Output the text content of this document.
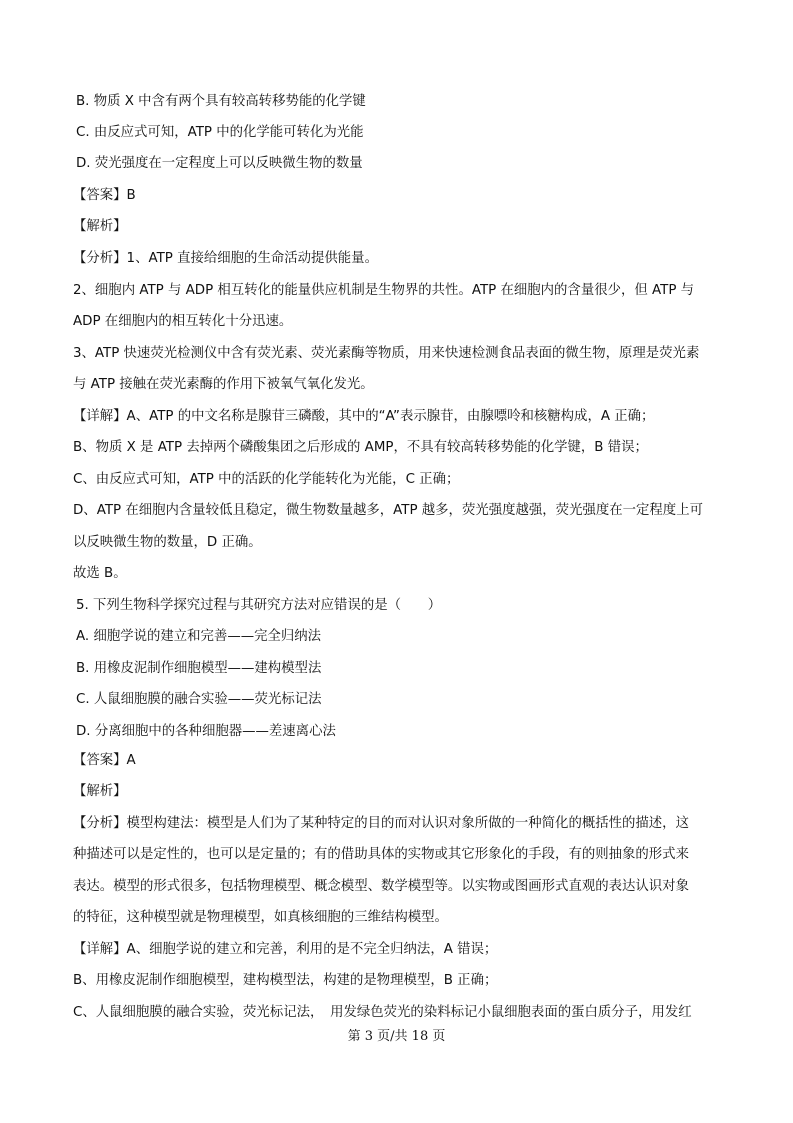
B. 物质 X 中含有两个具有较高转移势能的化学键
C. 由反应式可知，ATP 中的化学能可转化为光能
D. 荧光强度在一定程度上可以反映微生物的数量
【答案】B
【解析】
【分析】1、ATP 直接给细胞的生命活动提供能量。
2、细胞内 ATP 与 ADP 相互转化的能量供应机制是生物界的共性。ATP 在细胞内的含量很少，但 ATP 与
ADP 在细胞内的相互转化十分迅速。
3、ATP 快速荧光检测仪中含有荧光素、荧光素酶等物质，用来快速检测食品表面的微生物，原理是荧光素
与 ATP 接触在荧光素酶的作用下被氧气氧化发光。
【详解】A、ATP 的中文名称是腺苷三磷酸，其中的“A”表示腺苷，由腺嘌呤和核糖构成，A 正确；
B、物质 X 是 ATP 去掉两个磷酸集团之后形成的 AMP，不具有较高转移势能的化学键，B 错误；
C、由反应式可知，ATP 中的活跃的化学能转化为光能，C 正确；
D、ATP 在细胞内含量较低且稳定，微生物数量越多，ATP 越多，荧光强度越强，荧光强度在一定程度上可
以反映微生物的数量，D 正确。
故选 B。
5. 下列生物科学探究过程与其研究方法对应错误的是（　　）
A. 细胞学说的建立和完善——完全归纳法
B. 用橡皮泥制作细胞模型——建构模型法
C. 人鼠细胞膜的融合实验——荧光标记法
D. 分离细胞中的各种细胞器——差速离心法
【答案】A
【解析】
【分析】模型构建法：模型是人们为了某种特定的目的而对认识对象所做的一种简化的概括性的描述，这
种描述可以是定性的，也可以是定量的；有的借助具体的实物或其它形象化的手段，有的则抽象的形式来
表达。模型的形式很多，包括物理模型、概念模型、数学模型等。以实物或图画形式直观的表达认识对象
的特征，这种模型就是物理模型，如真核细胞的三维结构模型。
【详解】A、细胞学说的建立和完善，利用的是不完全归纳法，A 错误；
B、用橡皮泥制作细胞模型，建构模型法，构建的是物理模型，B 正确；
C、人鼠细胞膜的融合实验，荧光标记法，　用发绿色荧光的染料标记小鼠细胞表面的蛋白质分子，用发红
第 3 页/共 18 页
